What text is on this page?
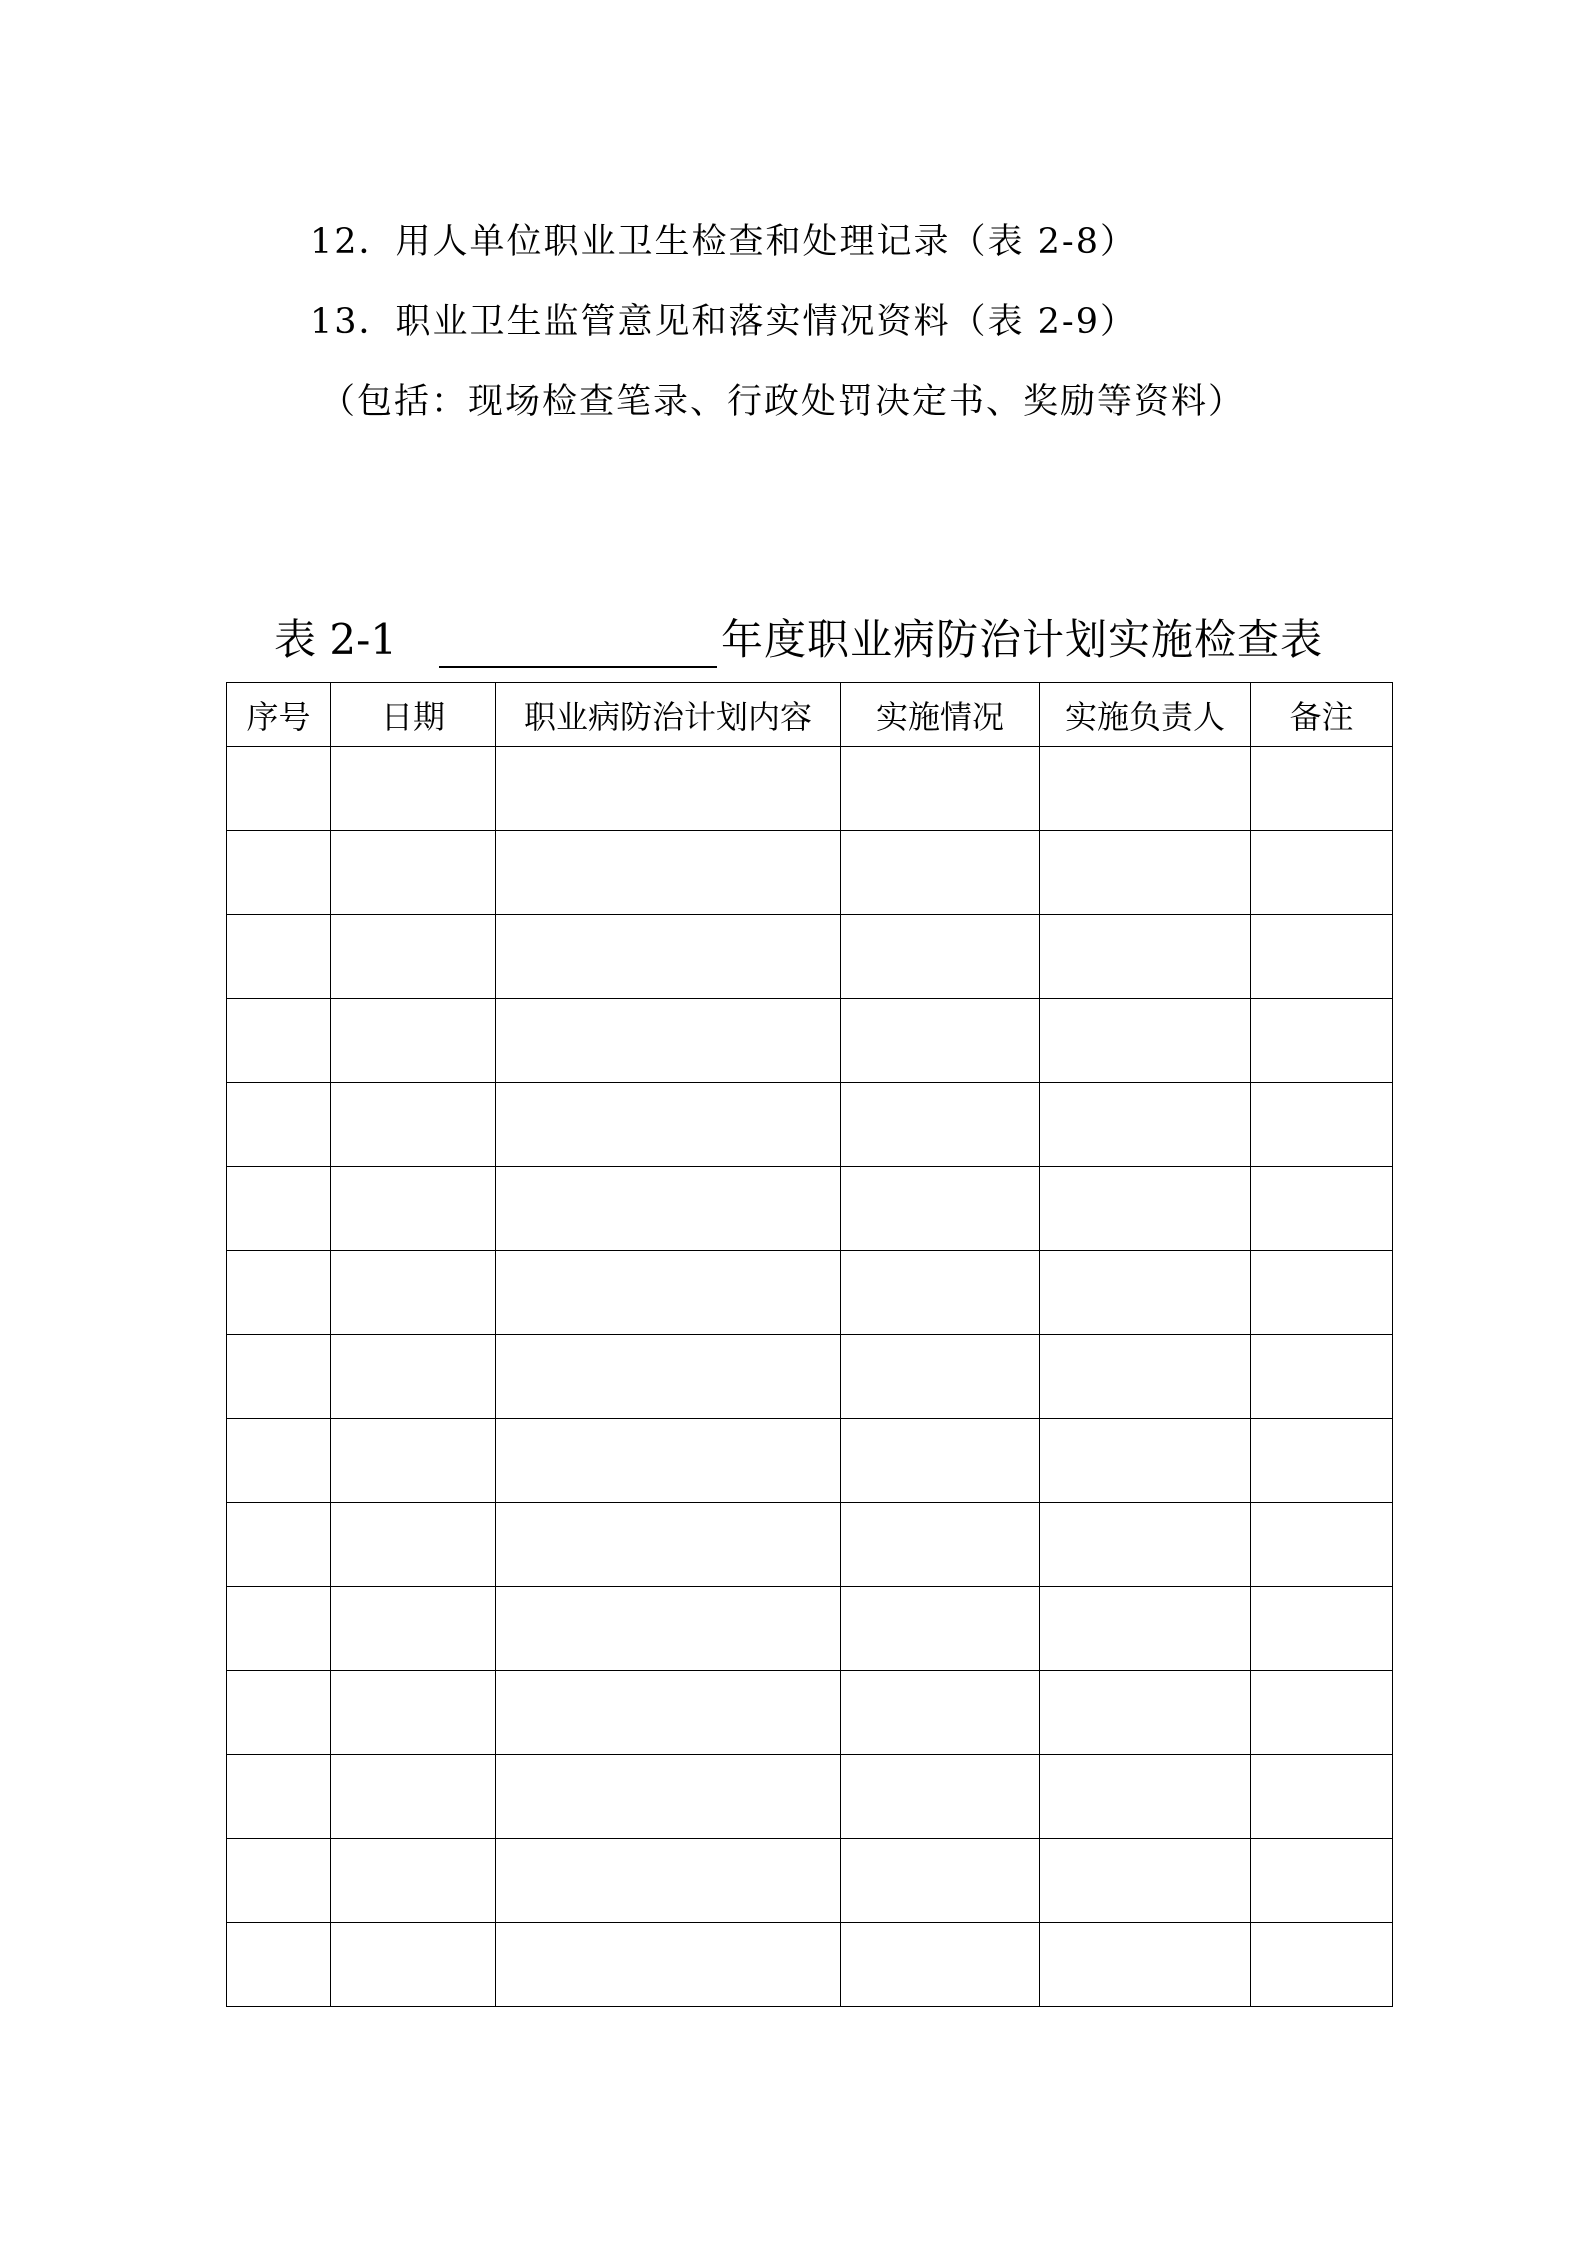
12．用人单位职业卫生检查和处理记录（表 2-8）
13．职业卫生监管意见和落实情况资料（表 2-9）
（包括：现场检查笔录、行政处罚决定书、奖励等资料）
表 2-1	年度职业病防治计划实施检查表
序号	日期	职业病防治计划内容	实施情况	实施负责人	备注
